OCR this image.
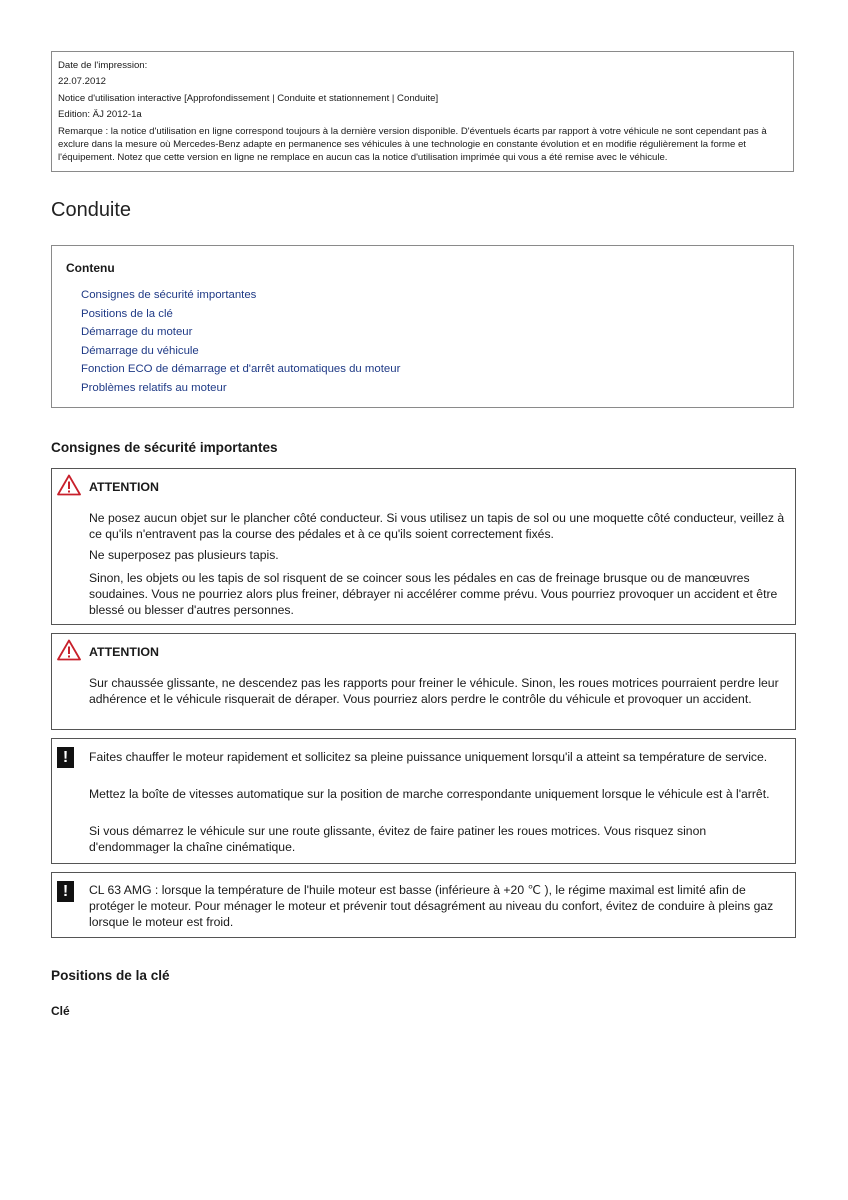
Date de l'impression:
22.07.2012
Notice d'utilisation interactive [Approfondissement | Conduite et stationnement | Conduite]
Edition: ÄJ 2012-1a
Remarque : la notice d'utilisation en ligne correspond toujours à la dernière version disponible. D'éventuels écarts par rapport à votre véhicule ne sont cependant pas à exclure dans la mesure où Mercedes-Benz adapte en permanence ses véhicules à une technologie en constante évolution et en modifie régulièrement la forme et l'équipement. Notez que cette version en ligne ne remplace en aucun cas la notice d'utilisation imprimée qui vous a été remise avec le véhicule.
Conduite
Contenu
Consignes de sécurité importantes
Positions de la clé
Démarrage du moteur
Démarrage du véhicule
Fonction ECO de démarrage et d'arrêt automatiques du moteur
Problèmes relatifs au moteur
Consignes de sécurité importantes
ATTENTION

Ne posez aucun objet sur le plancher côté conducteur. Si vous utilisez un tapis de sol ou une moquette côté conducteur, veillez à ce qu'ils n'entravent pas la course des pédales et à ce qu'ils soient correctement fixés.

Ne superposez pas plusieurs tapis.

Sinon, les objets ou les tapis de sol risquent de se coincer sous les pédales en cas de freinage brusque ou de manœuvres soudaines. Vous ne pourriez alors plus freiner, débrayer ni accélérer comme prévu. Vous pourriez provoquer un accident et être blessé ou blesser d'autres personnes.

ATTENTION

Sur chaussée glissante, ne descendez pas les rapports pour freiner le véhicule. Sinon, les roues motrices pourraient perdre leur adhérence et le véhicule risquerait de déraper. Vous pourriez alors perdre le contrôle du véhicule et provoquer un accident.

! Faites chauffer le moteur rapidement et sollicitez sa pleine puissance uniquement lorsqu'il a atteint sa température de service.

Mettez la boîte de vitesses automatique sur la position de marche correspondante uniquement lorsque le véhicule est à l'arrêt.

Si vous démarrez le véhicule sur une route glissante, évitez de faire patiner les roues motrices. Vous risquez sinon d'endommager la chaîne cinématique.

! CL 63 AMG : lorsque la température de l'huile moteur est basse (inférieure à +20 ℃ ), le régime maximal est limité afin de protéger le moteur. Pour ménager le moteur et prévenir tout désagrément au niveau du confort, évitez de conduire à pleins gaz lorsque le moteur est froid.

Positions de la clé
Clé
